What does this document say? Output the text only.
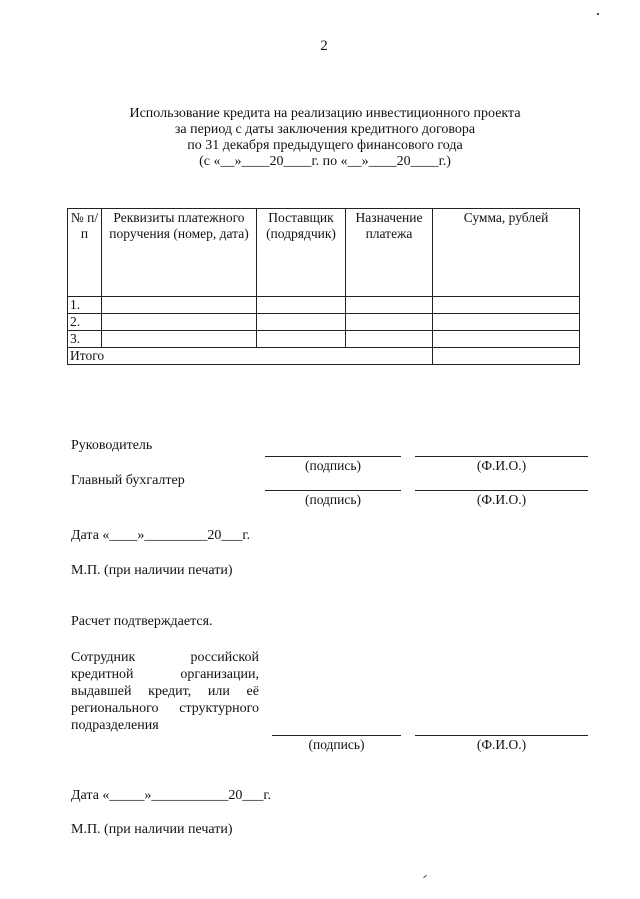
2
Использование кредита на реализацию инвестиционного проекта
за период с даты заключения кредитного договора
по 31 декабря предыдущего финансового года
(с «__»____20____г. по «__»____20____г.)
№ п/п	Реквизиты платежного поручения (номер, дата)	Поставщик (подрядчик)	Назначение платежа	Сумма, рублей
1.				
2.				
3.				
Итого				
Руководитель
(подпись)	(Ф.И.О.)
Главный бухгалтер
(подпись)	(Ф.И.О.)
Дата «____»_________20___г.
М.П. (при наличии печати)
Расчет подтверждается.
Сотрудник	российской
кредитной	организации,
выдавшей кредит, или её
регионального структурного
подразделения
(подпись)	(Ф.И.О.)
Дата «_____»___________20___г.
М.П. (при наличии печати)
